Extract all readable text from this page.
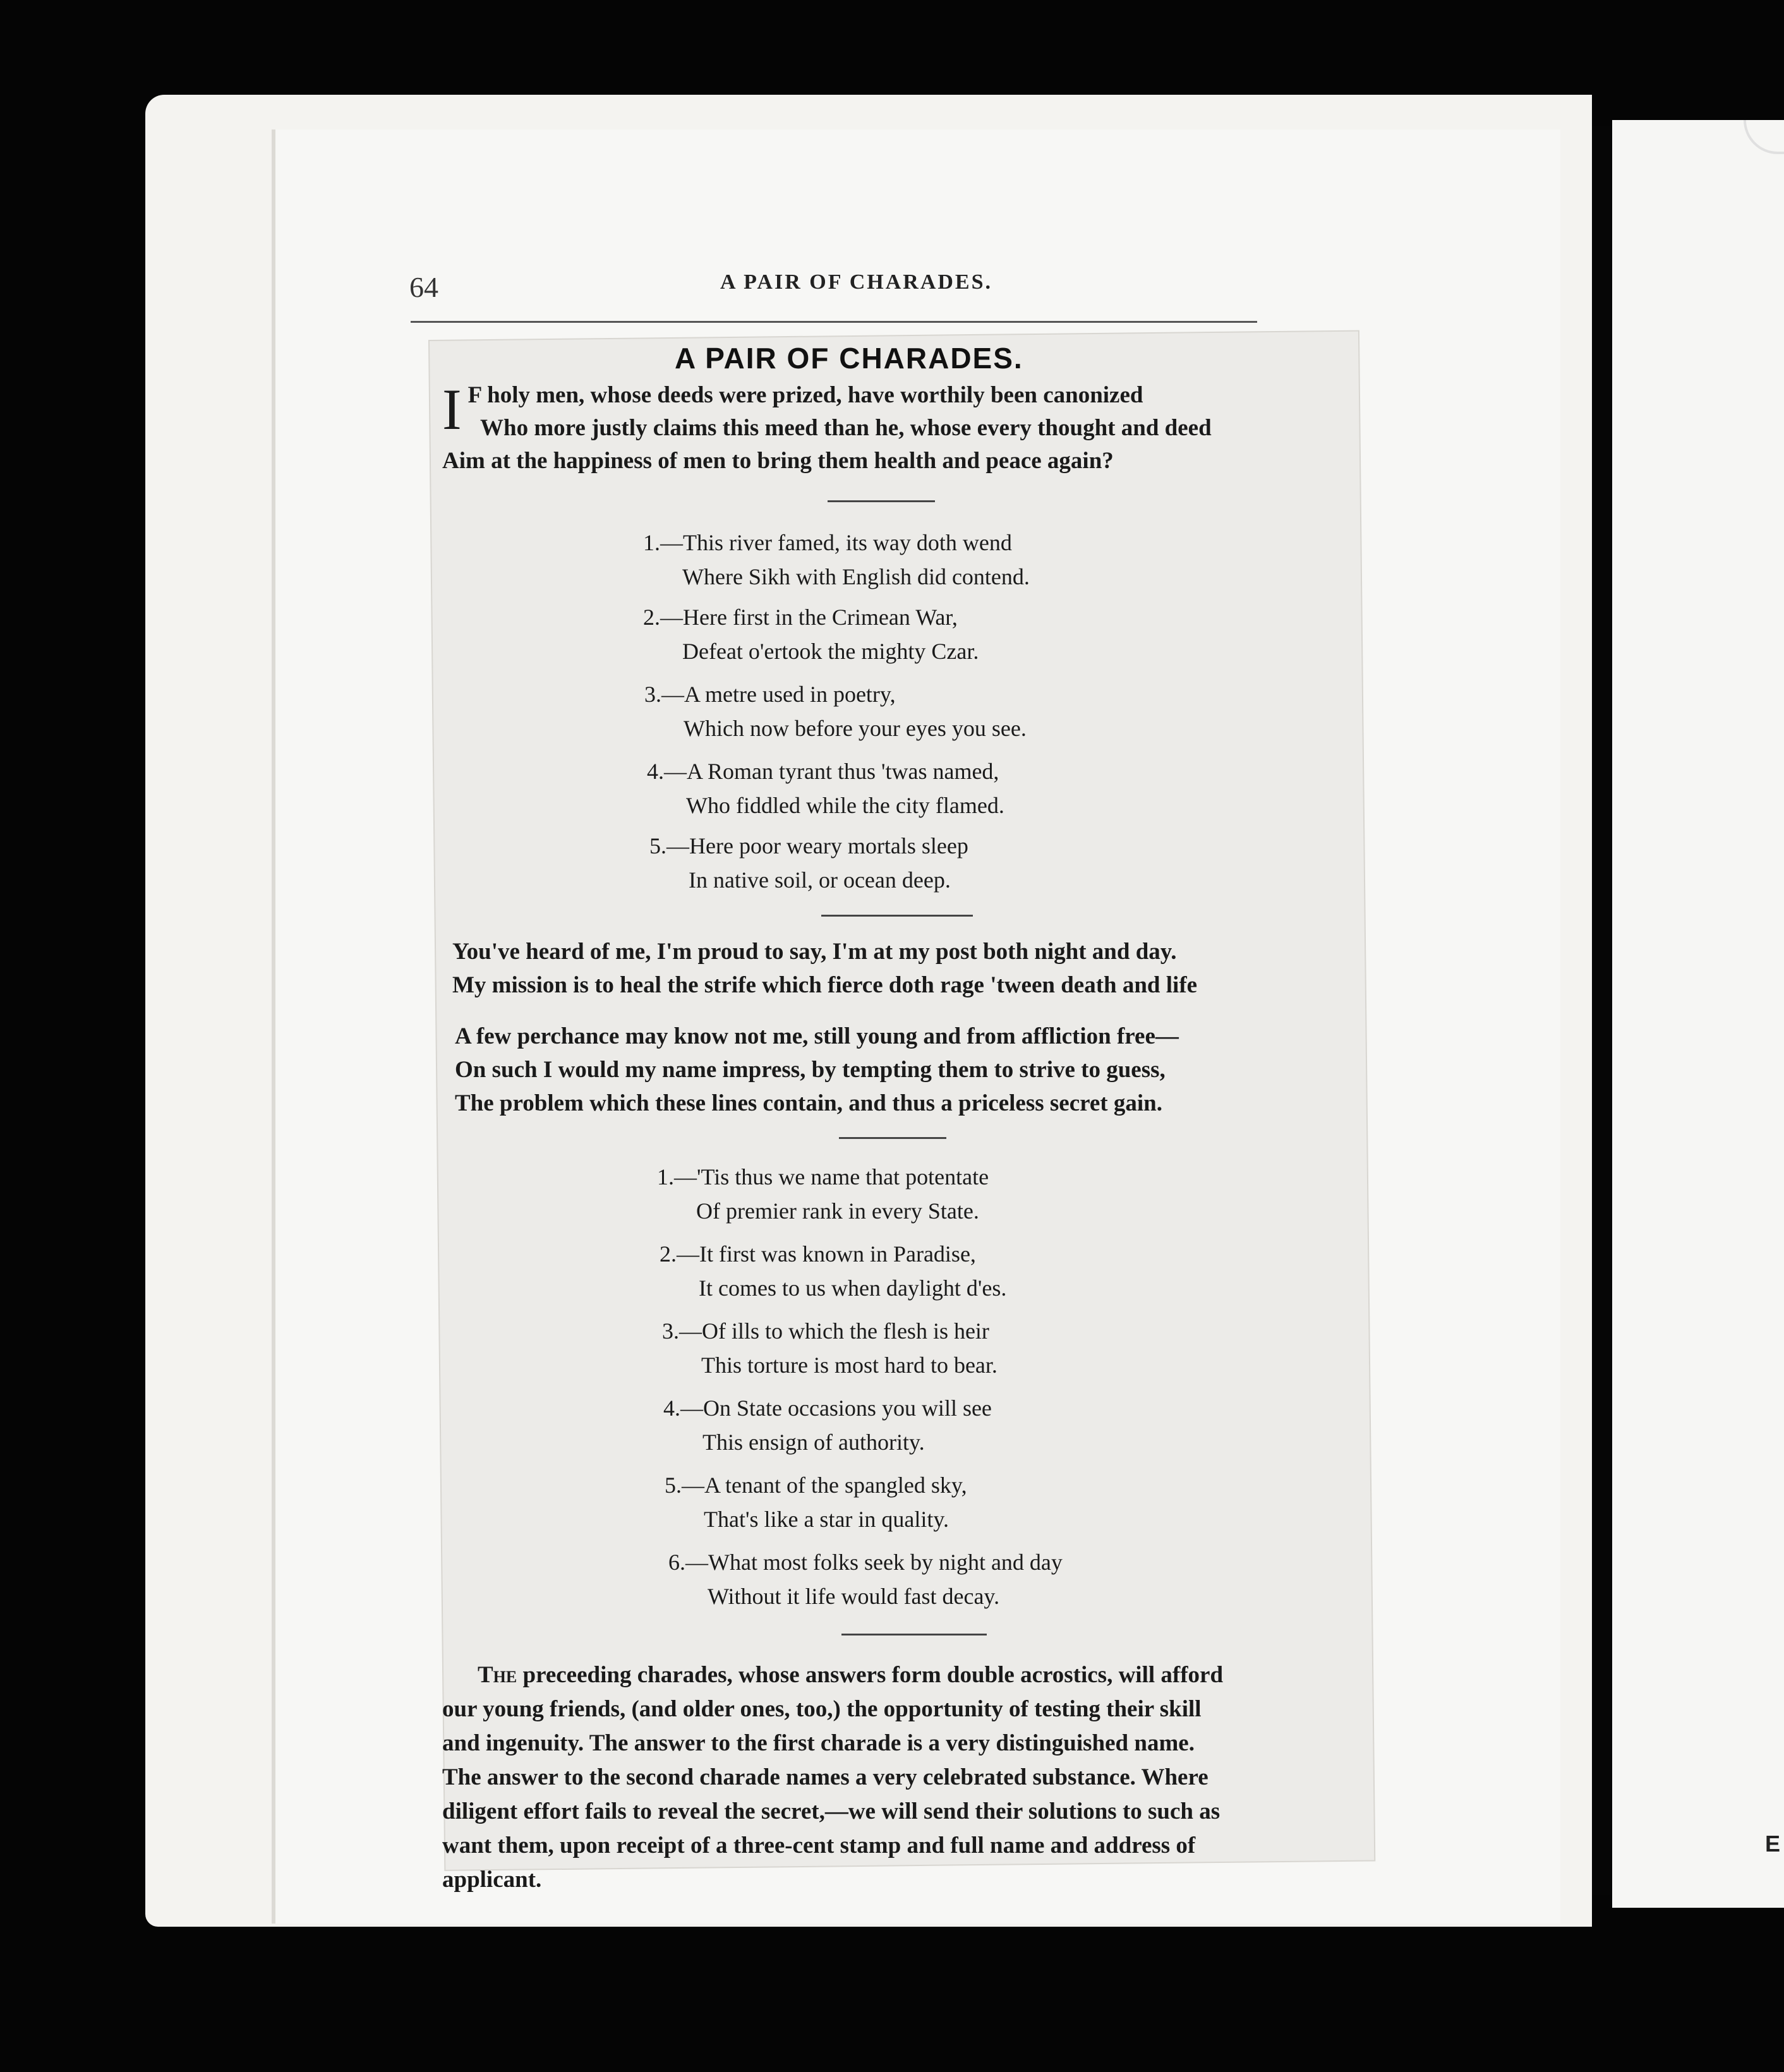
E
64	A PAIR OF CHARADES.
A PAIR OF CHARADES.
I F holy men, whose deeds were prized, have worthily been canonized
Who more justly claims this meed than he, whose every thought and deed
Aim at the happiness of men to bring them health and peace again?
1.—This river famed, its way doth wend
Where Sikh with English did contend.
2.—Here first in the Crimean War,
Defeat o'ertook the mighty Czar.
3.—A metre used in poetry,
Which now before your eyes you see.
4.—A Roman tyrant thus 'twas named,
Who fiddled while the city flamed.
5.—Here poor weary mortals sleep
In native soil, or ocean deep.
You've heard of me, I'm proud to say, I'm at my post both night and day.
My mission is to heal the strife which fierce doth rage 'tween death and life
A few perchance may know not me, still young and from affliction free—
On such I would my name impress, by tempting them to strive to guess,
The problem which these lines contain, and thus a priceless secret gain.
1.—'Tis thus we name that potentate
Of premier rank in every State.
2.—It first was known in Paradise,
It comes to us when daylight d'es.
3.—Of ills to which the flesh is heir
This torture is most hard to bear.
4.—On State occasions you will see
This ensign of authority.
5.—A tenant of the spangled sky,
That's like a star in quality.
6.—What most folks seek by night and day
Without it life would fast decay.
The preceeding charades, whose answers form double acrostics, will afford
our young friends, (and older ones, too,) the opportunity of testing their skill
and ingenuity. The answer to the first charade is a very distinguished name.
The answer to the second charade names a very celebrated substance. Where
diligent effort fails to reveal the secret,—we will send their solutions to such as
want them, upon receipt of a three-cent stamp and full name and address of
applicant.
